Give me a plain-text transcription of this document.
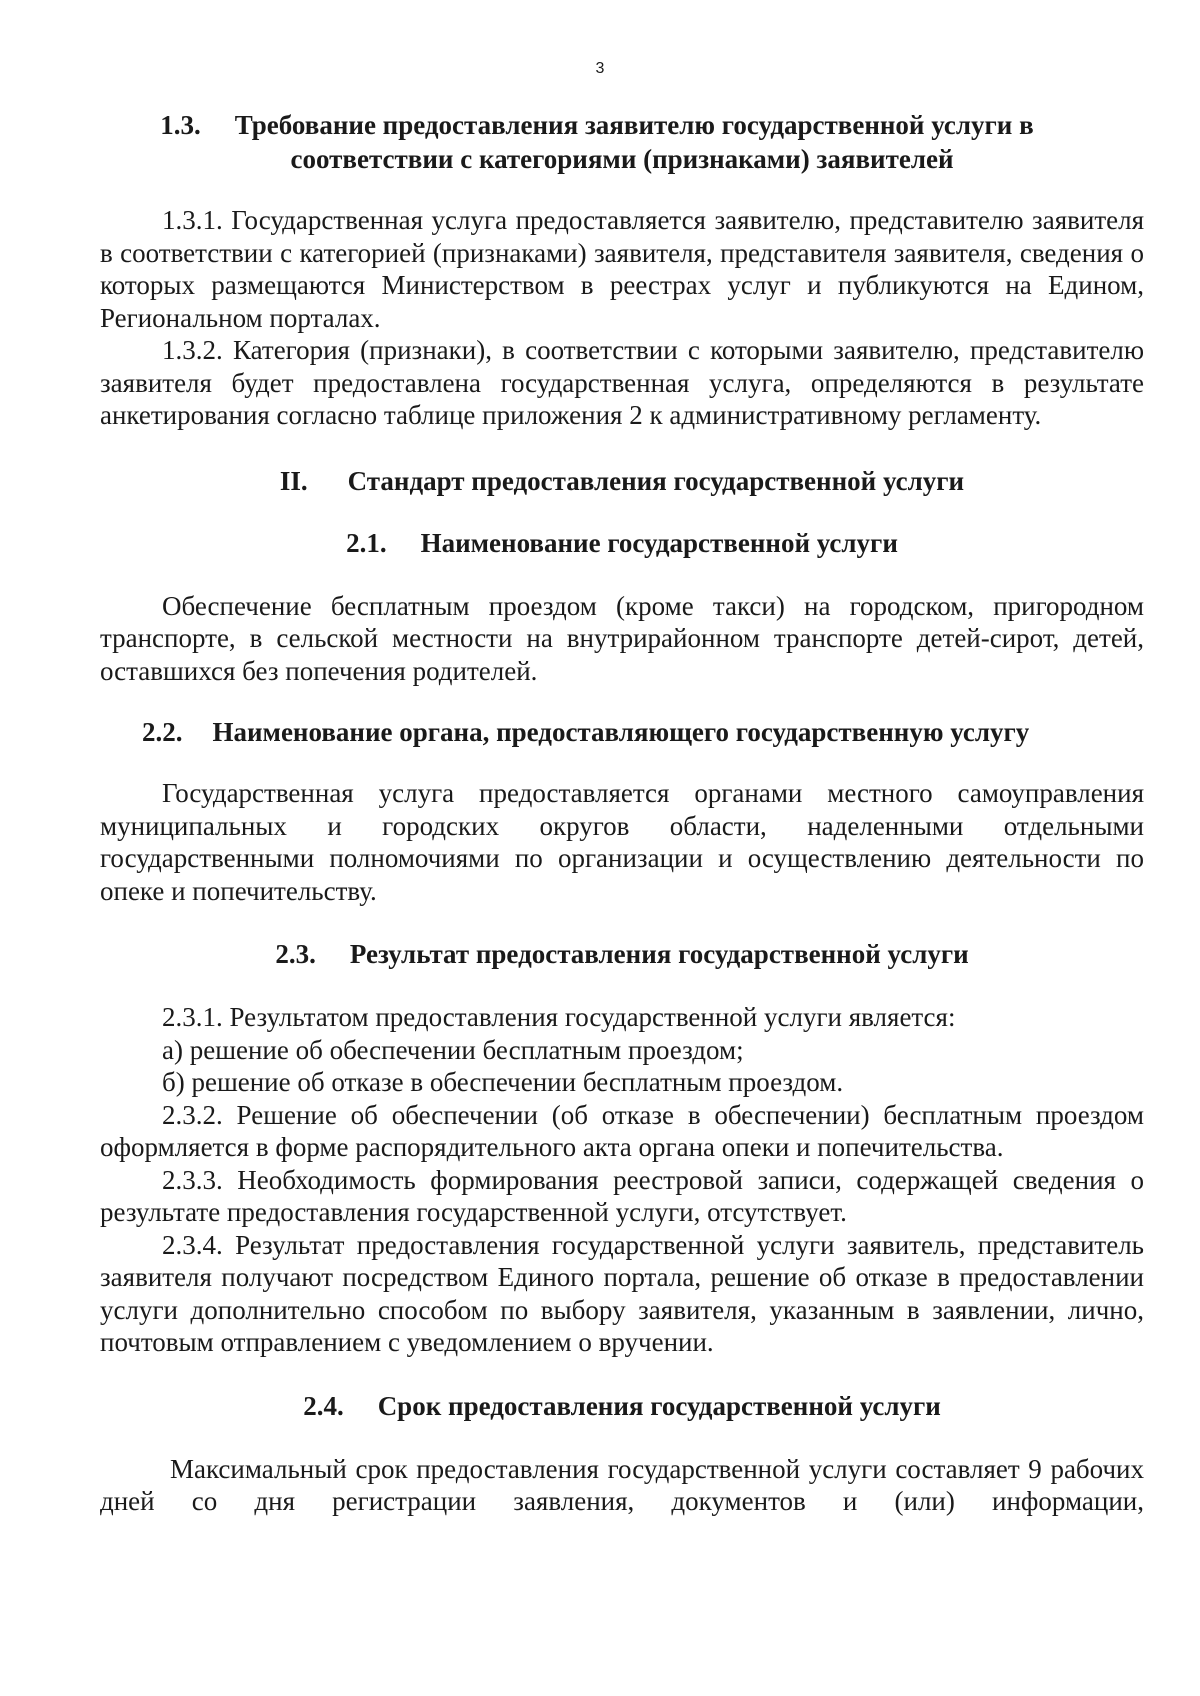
3
1.3. Требование предоставления заявителю государственной услуги в
соответствии с категориями (признаками) заявителей

1.3.1. Государственная услуга предоставляется заявителю, представителю заявителя в соответствии с категорией (признаками) заявителя, представителя заявителя, сведения о которых размещаются Министерством в реестрах услуг и публикуются на Едином, Региональном порталах.

1.3.2. Категория (признаки), в соответствии с которыми заявителю, представителю заявителя будет предоставлена государственная услуга, определяются в результате анкетирования согласно таблице приложения 2 к административному регламенту.

II. Стандарт предоставления государственной услуги
2.1. Наименование государственной услуги

Обеспечение бесплатным проездом (кроме такси) на городском, пригородном транспорте, в сельской местности на внутрирайонном транспорте детей-сирот, детей, оставшихся без попечения родителей.

2.2. Наименование органа, предоставляющего государственную услугу

Государственная услуга предоставляется органами местного самоуправления муниципальных и городских округов области, наделенными отдельными государственными полномочиями по организации и осуществлению деятельности по опеке и попечительству.

2.3. Результат предоставления государственной услуги

2.3.1. Результатом предоставления государственной услуги является:

а) решение об обеспечении бесплатным проездом;

б) решение об отказе в обеспечении бесплатным проездом.

2.3.2. Решение об обеспечении (об отказе в обеспечении) бесплатным проездом оформляется в форме распорядительного акта органа опеки и попечительства.

2.3.3. Необходимость формирования реестровой записи, содержащей сведения о результате предоставления государственной услуги, отсутствует.

2.3.4. Результат предоставления государственной услуги заявитель, представитель заявителя получают посредством Единого портала, решение об отказе в предоставлении услуги дополнительно способом по выбору заявителя, указанным в заявлении, лично, почтовым отправлением с уведомлением о вручении.

2.4. Срок предоставления государственной услуги

Максимальный срок предоставления государственной услуги составляет 9 рабочих дней со дня регистрации заявления, документов и (или) информации,
